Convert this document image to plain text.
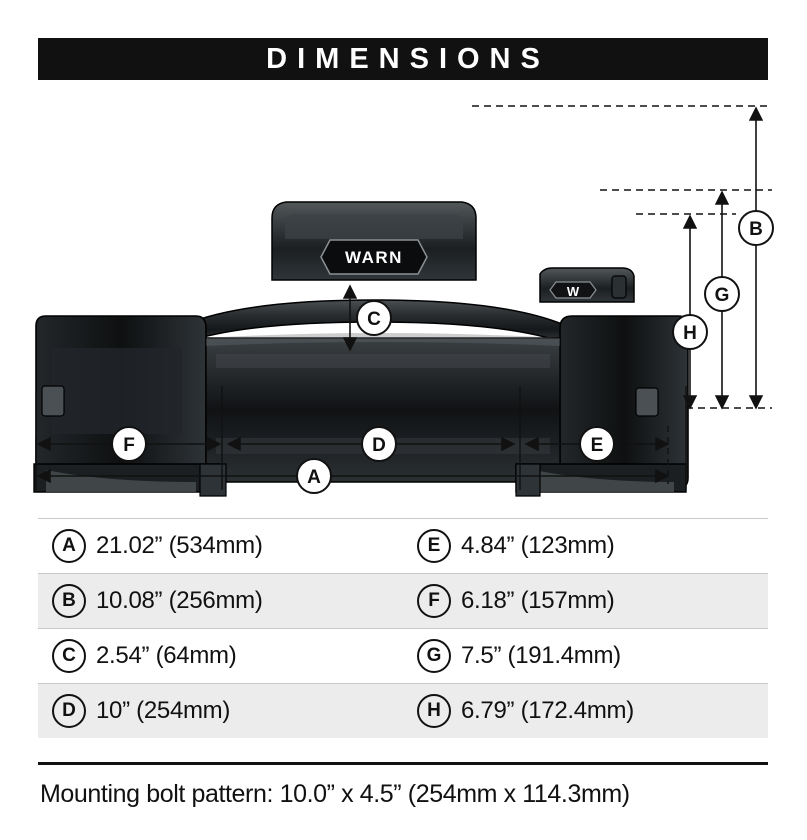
DIMENSIONS
WARN
W
B
G
H
C
F	D	E
A
A 21.02” (534mm)	E 4.84” (123mm)
B 10.08” (256mm)	F 6.18” (157mm)
C 2.54” (64mm)	G 7.5” (191.4mm)
D 10” (254mm)	H 6.79” (172.4mm)
Mounting bolt pattern: 10.0” x 4.5” (254mm x 114.3mm)
